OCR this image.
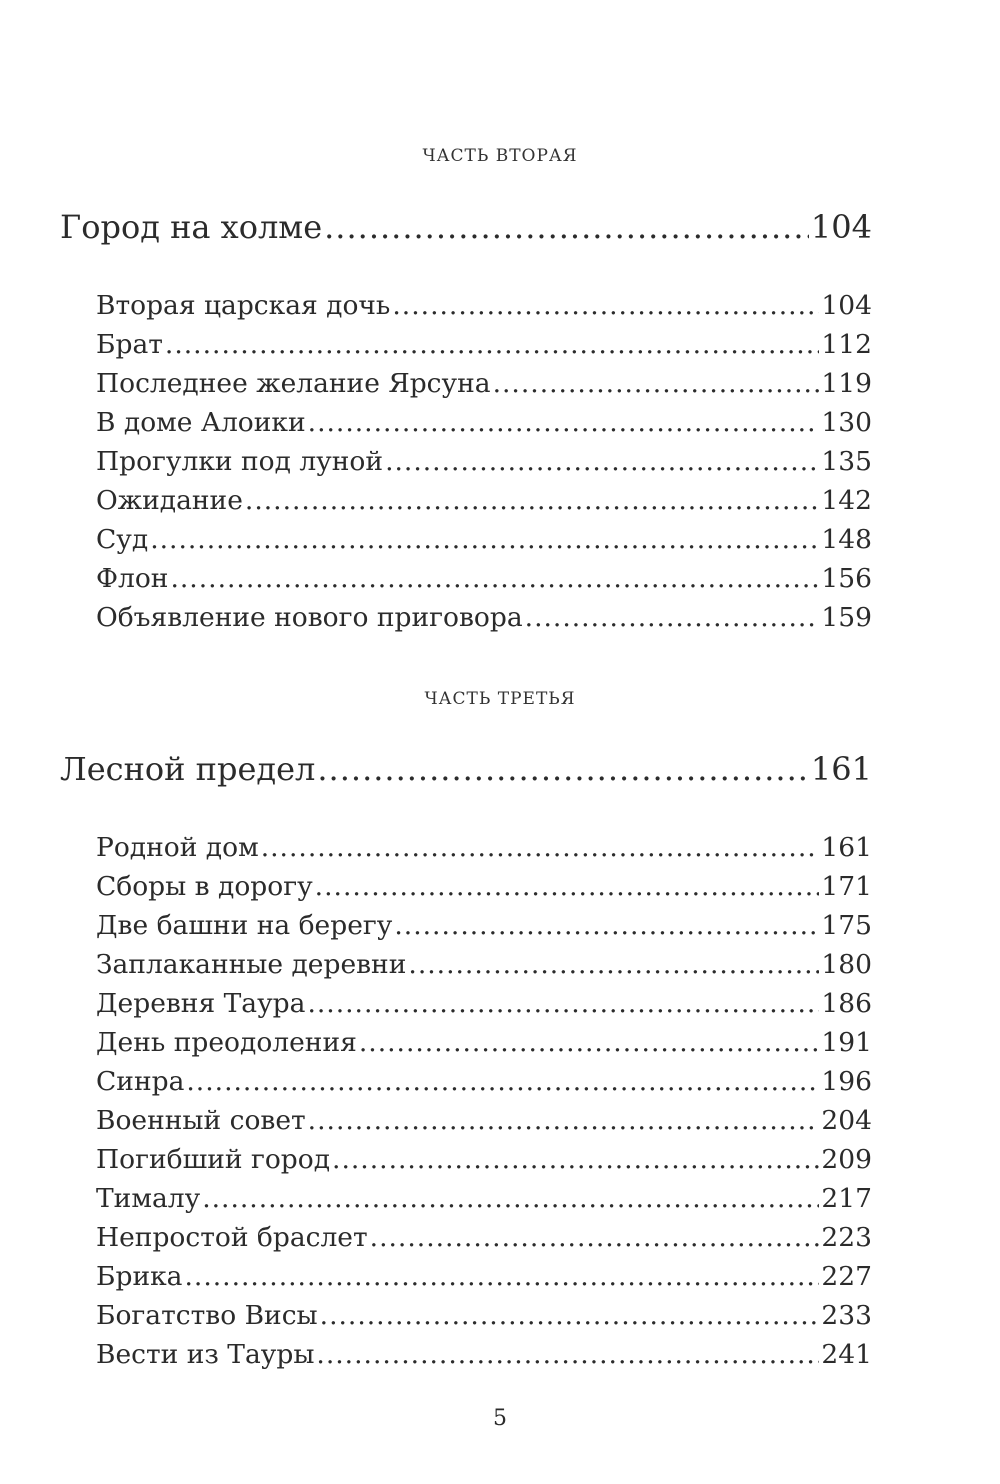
ЧАСТЬ ВТОРАЯ
Город на холме .....	104
Вторая царская дочь .....	104
Брат .....	112
Последнее желание Ярсуна .....	119
В доме Алоики .....	130
Прогулки под луной .....	135
Ожидание .....	142
Суд .....	148
Флон .....	156
Объявление нового приговора .....	159
ЧАСТЬ ТРЕТЬЯ
Лесной предел .....	161
Родной дом .....	161
Сборы в дорогу .....	171
Две башни на берегу .....	175
Заплаканные деревни .....	180
Деревня Таура .....	186
День преодоления .....	191
Синра .....	196
Военный совет .....	204
Погибший город .....	209
Тималу .....	217
Непростой браслет .....	223
Брика .....	227
Богатство Висы .....	233
Вести из Тауры .....	241
5
